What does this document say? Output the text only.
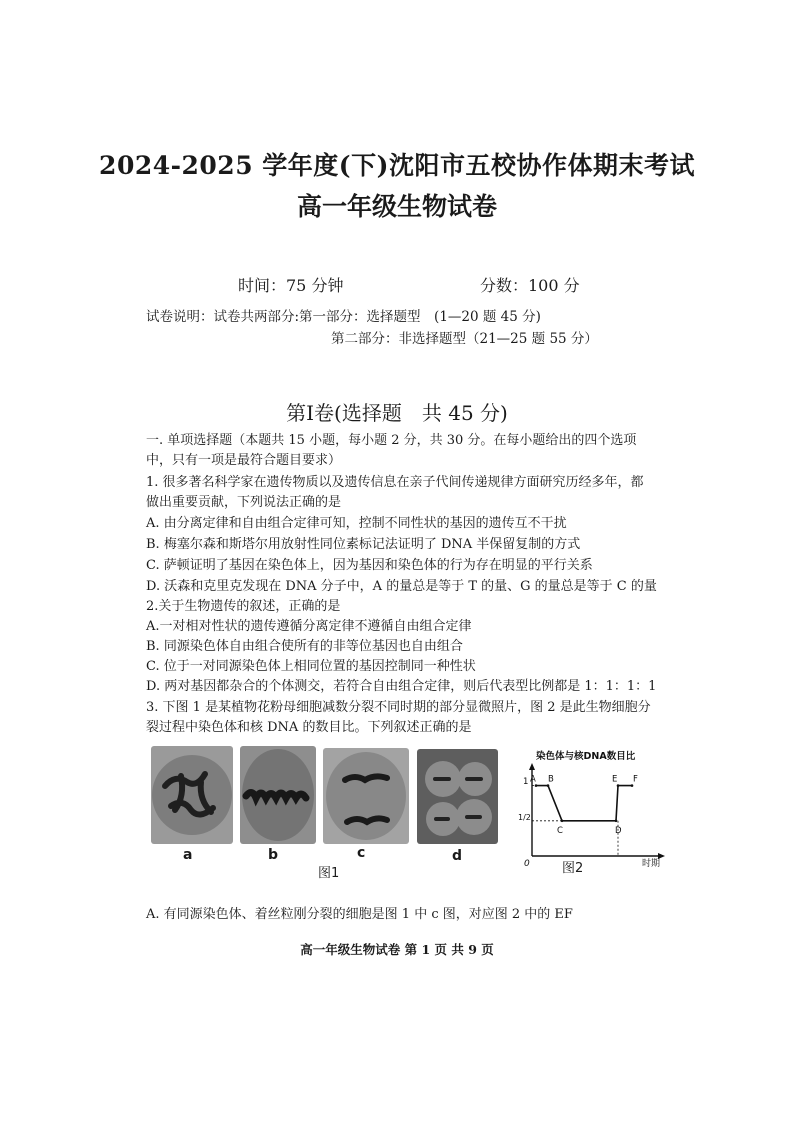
2024-2025 学年度(下)沈阳市五校协作体期末考试
高一年级生物试卷
时间：75 分钟	分数：100 分
试卷说明：试卷共两部分:第一部分：选择题型　(1—20 题 45 分)
第二部分：非选择题型（21—25 题 55 分）
第Ⅰ卷(选择题　共 45 分)
一. 单项选择题（本题共 15 小题，每小题 2 分，共 30 分。在每小题给出的四个选项
中，只有一项是最符合题目要求）
1. 很多著名科学家在遗传物质以及遗传信息在亲子代间传递规律方面研究历经多年，都
做出重要贡献，下列说法正确的是
A. 由分离定律和自由组合定律可知，控制不同性状的基因的遗传互不干扰
B. 梅塞尔森和斯塔尔用放射性同位素标记法证明了 DNA 半保留复制的方式
C. 萨顿证明了基因在染色体上，因为基因和染色体的行为存在明显的平行关系
D. 沃森和克里克发现在 DNA 分子中，A 的量总是等于 T 的量、G 的量总是等于 C 的量
2.关于生物遗传的叙述，正确的是
A.一对相对性状的遗传遵循分离定律不遵循自由组合定律
B. 同源染色体自由组合使所有的非等位基因也自由组合
C. 位于一对同源染色体上相同位置的基因控制同一种性状
D. 两对基因都杂合的个体测交，若符合自由组合定律，则后代表型比例都是 1：1：1：1
3. 下图 1 是某植物花粉母细胞减数分裂不同时期的部分显微照片，图 2 是此生物细胞分
裂过程中染色体和核 DNA 的数目比。下列叙述正确的是
a	b	c	d
图1
A B
C	D
E F
染色体与核DNA数目比
时期
0
1
1/2
图2
A. 有同源染色体、着丝粒刚分裂的细胞是图 1 中 c 图，对应图 2 中的 EF
高一年级生物试卷 第 1 页 共 9 页
